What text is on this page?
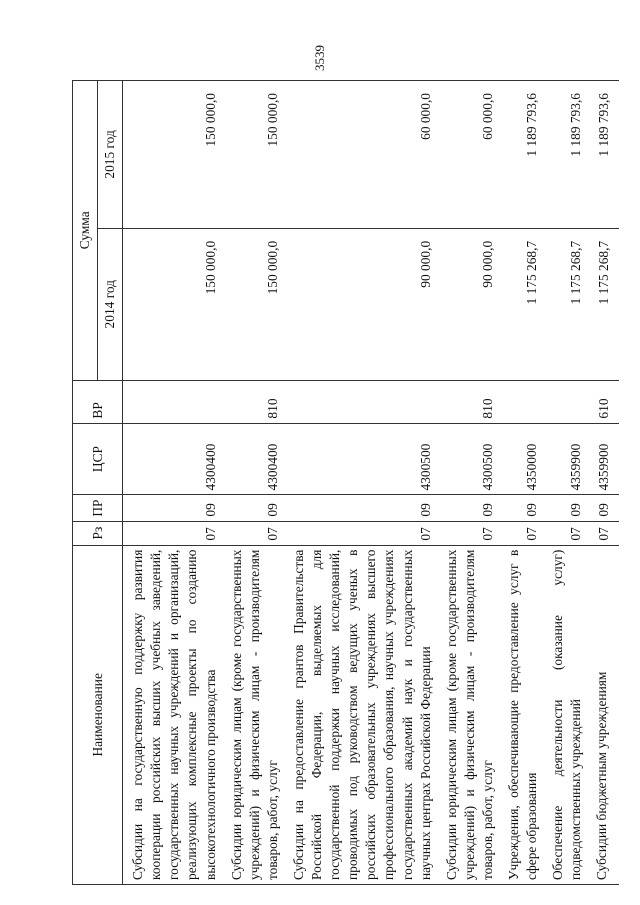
3539
Наименование	Рз	ПР	ЦСР	ВР	Сумма	
					2014 год	2015 год
Субсидии на государственную поддержку развития кооперации российских высших учебных заведений, государственных научных учреждений и организаций, реализующих комплексные проекты по созданию высокотехнологичного производства	07	09	4300400		150 000,0	150 000,0
Субсидии юридическим лицам (кроме государственных учреждений) и физическим лицам - производителям товаров, работ, услуг	07	09	4300400	810	150 000,0	150 000,0
Субсидии на предоставление грантов Правительства Российской Федерации, выделяемых для государственной поддержки научных исследований, проводимых под руководством ведущих ученых в российских образовательных учреждениях высшего профессионального образования, научных учреждениях государственных академий наук и государственных научных центрах Российской Федерации	07	09	4300500		90 000,0	60 000,0
Субсидии юридическим лицам (кроме государственных учреждений) и физическим лицам - производителям товаров, работ, услуг	07	09	4300500	810	90 000,0	60 000,0
Учреждения, обеспечивающие предоставление услуг в сфере образования	07	09	4350000		1 175 268,7	1 189 793,6
Обеспечение деятельности (оказание услуг) подведомственных учреждений	07	09	4359900		1 175 268,7	1 189 793,6
Субсидии бюджетным учреждениям	07	09	4359900	610	1 175 268,7	1 189 793,6
